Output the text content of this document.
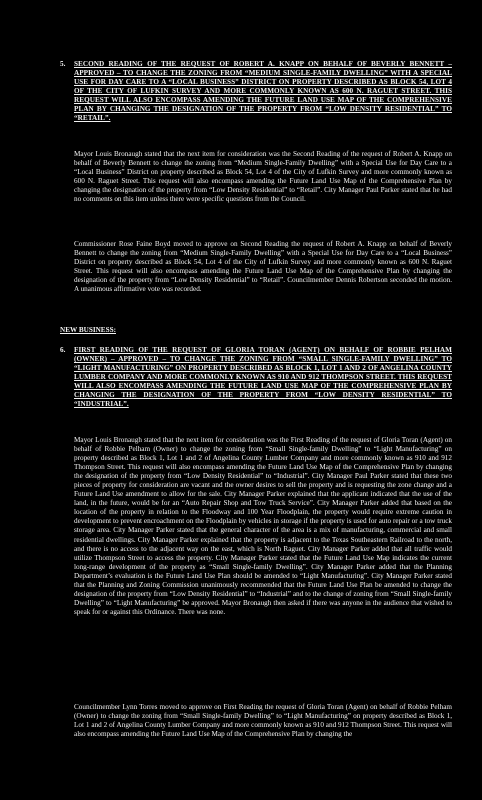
5. SECOND READING OF THE REQUEST OF ROBERT A. KNAPP ON BEHALF OF BEVERLY BENNETT – APPROVED – TO CHANGE THE ZONING FROM “MEDIUM SINGLE-FAMILY DWELLING” WITH A SPECIAL USE FOR DAY CARE TO A “LOCAL BUSINESS” DISTRICT ON PROPERTY DESCRIBED AS BLOCK 54, LOT 4 OF THE CITY OF LUFKIN SURVEY AND MORE COMMONLY KNOWN AS 600 N. RAGUET STREET. THIS REQUEST WILL ALSO ENCOMPASS AMENDING THE FUTURE LAND USE MAP OF THE COMPREHENSIVE PLAN BY CHANGING THE DESIGNATION OF THE PROPERTY FROM “LOW DENSITY RESIDENTIAL” TO “RETAIL”.

Mayor Louis Bronaugh stated that the next item for consideration was the Second Reading of the request of Robert A. Knapp on behalf of Beverly Bennett to change the zoning from “Medium Single-Family Dwelling” with a Special Use for Day Care to a “Local Business” District on property described as Block 54, Lot 4 of the City of Lufkin Survey and more commonly known as 600 N. Raguet Street. This request will also encompass amending the Future Land Use Map of the Comprehensive Plan by changing the designation of the property from “Low Density Residential” to “Retail”. City Manager Paul Parker stated that he had no comments on this item unless there were specific questions from the Council.

Commissioner Rose Faine Boyd moved to approve on Second Reading the request of Robert A. Knapp on behalf of Beverly Bennett to change the zoning from “Medium Single-Family Dwelling” with a Special Use for Day Care to a “Local Business” District on property described as Block 54, Lot 4 of the City of Lufkin Survey and more commonly known as 600 N. Raguet Street. This request will also encompass amending the Future Land Use Map of the Comprehensive Plan by changing the designation of the property from “Low Density Residential” to “Retail”. Councilmember Dennis Robertson seconded the motion. A unanimous affirmative vote was recorded.

NEW BUSINESS:
6. FIRST READING OF THE REQUEST OF GLORIA TORAN (AGENT) ON BEHALF OF ROBBIE PELHAM (OWNER) – APPROVED – TO CHANGE THE ZONING FROM “SMALL SINGLE-FAMILY DWELLING” TO “LIGHT MANUFACTURING” ON PROPERTY DESCRIBED AS BLOCK 1, LOT 1 AND 2 OF ANGELINA COUNTY LUMBER COMPANY AND MORE COMMONLY KNOWN AS 910 AND 912 THOMPSON STREET. THIS REQUEST WILL ALSO ENCOMPASS AMENDING THE FUTURE LAND USE MAP OF THE COMPREHENSIVE PLAN BY CHANGING THE DESIGNATION OF THE PROPERTY FROM “LOW DENSITY RESIDENTIAL” TO “INDUSTRIAL”.

Mayor Louis Bronaugh stated that the next item for consideration was the First Reading of the request of Gloria Toran (Agent) on behalf of Robbie Pelham (Owner) to change the zoning from “Small Single-family Dwelling” to “Light Manufacturing” on property described as Block 1, Lot 1 and 2 of Angelina County Lumber Company and more commonly known as 910 and 912 Thompson Street. This request will also encompass amending the Future Land Use Map of the Comprehensive Plan by changing the designation of the property from “Low Density Residential” to “Industrial”. City Manager Paul Parker stated that these two pieces of property for consideration are vacant and the owner desires to sell the property and is requesting the zone change and a Future Land Use amendment to allow for the sale. City Manager Parker explained that the applicant indicated that the use of the land, in the future, would be for an “Auto Repair Shop and Tow Truck Service”. City Manager Parker added that based on the location of the property in relation to the Floodway and 100 Year Floodplain, the property would require extreme caution in development to prevent encroachment on the Floodplain by vehicles in storage if the property is used for auto repair or a tow truck storage area. City Manager Parker stated that the general character of the area is a mix of manufacturing, commercial and small residential dwellings. City Manager Parker explained that the property is adjacent to the Texas Southeastern Railroad to the north, and there is no access to the adjacent way on the east, which is North Raguet. City Manager Parker added that all traffic would utilize Thompson Street to access the property. City Manager Parker stated that the Future Land Use Map indicates the current long-range development of the property as “Small Single-family Dwelling”. City Manager Parker added that the Planning Department’s evaluation is the Future Land Use Plan should be amended to “Light Manufacturing”. City Manager Parker stated that the Planning and Zoning Commission unanimously recommended that the Future Land Use Plan be amended to change the designation of the property from “Low Density Residential” to “Industrial” and to the change of zoning from “Small Single-family Dwelling” to “Light Manufacturing” be approved. Mayor Bronaugh then asked if there was anyone in the audience that wished to speak for or against this Ordinance. There was none.

Councilmember Lynn Torres moved to approve on First Reading the request of Gloria Toran (Agent) on behalf of Robbie Pelham (Owner) to change the zoning from “Small Single-family Dwelling” to “Light Manufacturing” on property described as Block 1, Lot 1 and 2 of Angelina County Lumber Company and more commonly known as 910 and 912 Thompson Street. This request will also encompass amending the Future Land Use Map of the Comprehensive Plan by changing the
